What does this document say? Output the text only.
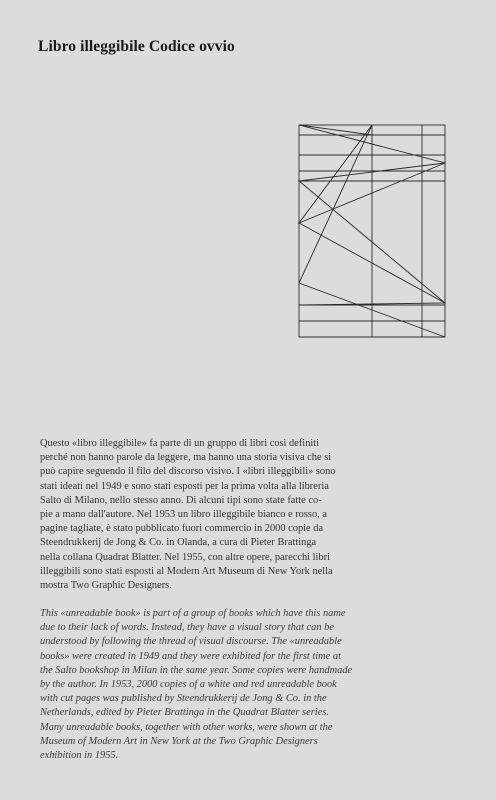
Libro illeggibile Codice ovvio
Questo «libro illeggibile» fa parte di un gruppo di libri così definiti
perché non hanno parole da leggere, ma hanno una storia visiva che si
può capire seguendo il filo del discorso visivo. I «libri illeggibili» sono
stati ideati nel 1949 e sono stati esposti per la prima volta alla libreria
Salto di Milano, nello stesso anno. Di alcuni tipi sono state fatte co-
pie a mano dall'autore. Nel 1953 un libro illeggibile bianco e rosso, a
pagine tagliate, è stato pubblicato fuori commercio in 2000 copie da
Steendrukkerij de Jong & Co. in Olanda, a cura di Pieter Brattinga
nella collana Quadrat Blatter. Nel 1955, con altre opere, parecchi libri
illeggibili sono stati esposti al Modern Art Museum di New York nella
mostra Two Graphic Designers.
This «unreadable book» is part of a group of books which have this name
due to their lack of words. Instead, they have a visual story that can be
understood by following the thread of visual discourse. The «unreadable
books» were created in 1949 and they were exhibited for the first time at
the Salto bookshop in Milan in the same year. Some copies were handmade
by the author. In 1953, 2000 copies of a white and red unreadable book
with cut pages was published by Steendrukkerij de Jong & Co. in the
Netherlands, edited by Pieter Brattinga in the Quadrat Blatter series.
Many unreadable books, together with other works, were shown at the
Museum of Modern Art in New York at the Two Graphic Designers
exhibition in 1955.
